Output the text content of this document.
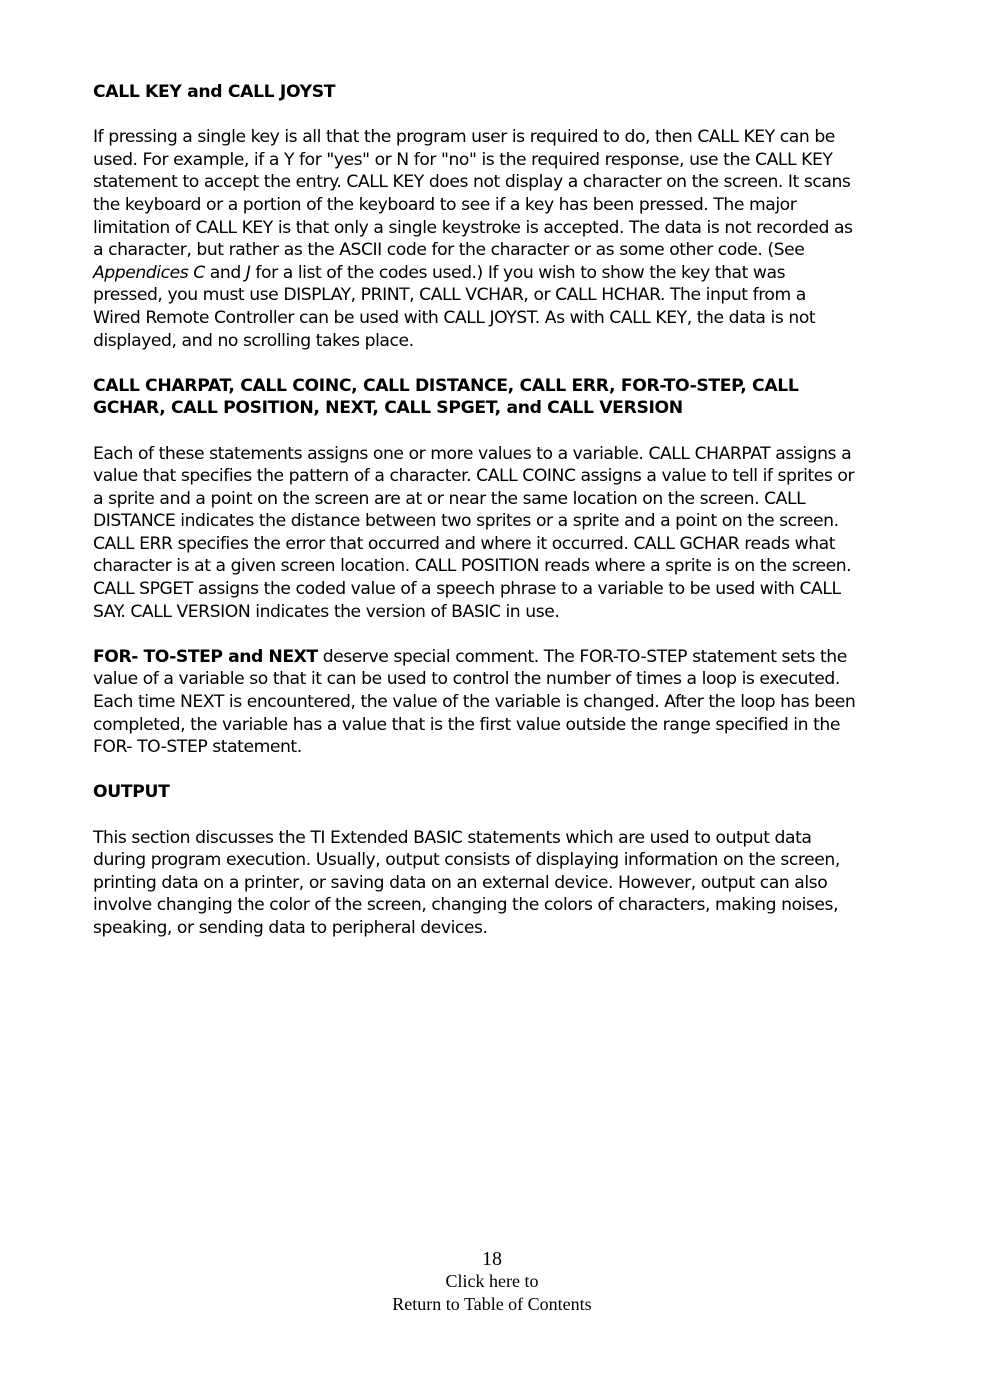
CALL KEY and CALL JOYST

If pressing a single key is all that the program user is required to do, then CALL KEY can be
used. For example, if a Y for "yes" or N for "no" is the required response, use the CALL KEY
statement to accept the entry. CALL KEY does not display a character on the screen. It scans
the keyboard or a portion of the keyboard to see if a key has been pressed. The major
limitation of CALL KEY is that only a single keystroke is accepted. The data is not recorded as
a character, but rather as the ASCII code for the character or as some other code. (See
Appendices C and J for a list of the codes used.) If you wish to show the key that was
pressed, you must use DISPLAY, PRINT, CALL VCHAR, or CALL HCHAR. The input from a
Wired Remote Controller can be used with CALL JOYST. As with CALL KEY, the data is not
displayed, and no scrolling takes place.

CALL CHARPAT, CALL COINC, CALL DISTANCE, CALL ERR, FOR-TO-STEP, CALL
GCHAR, CALL POSITION, NEXT, CALL SPGET, and CALL VERSION

Each of these statements assigns one or more values to a variable. CALL CHARPAT assigns a
value that specifies the pattern of a character. CALL COINC assigns a value to tell if sprites or
a sprite and a point on the screen are at or near the same location on the screen. CALL
DISTANCE indicates the distance between two sprites or a sprite and a point on the screen.
CALL ERR specifies the error that occurred and where it occurred. CALL GCHAR reads what
character is at a given screen location. CALL POSITION reads where a sprite is on the screen.
CALL SPGET assigns the coded value of a speech phrase to a variable to be used with CALL
SAY. CALL VERSION indicates the version of BASIC in use.

FOR- TO-STEP and NEXT deserve special comment. The FOR-TO-STEP statement sets the
value of a variable so that it can be used to control the number of times a loop is executed.
Each time NEXT is encountered, the value of the variable is changed. After the loop has been
completed, the variable has a value that is the first value outside the range specified in the
FOR- TO-STEP statement.

OUTPUT

This section discusses the TI Extended BASIC statements which are used to output data
during program execution. Usually, output consists of displaying information on the screen,
printing data on a printer, or saving data on an external device. However, output can also
involve changing the color of the screen, changing the colors of characters, making noises,
speaking, or sending data to peripheral devices.

18
Click here to
Return to Table of Contents
